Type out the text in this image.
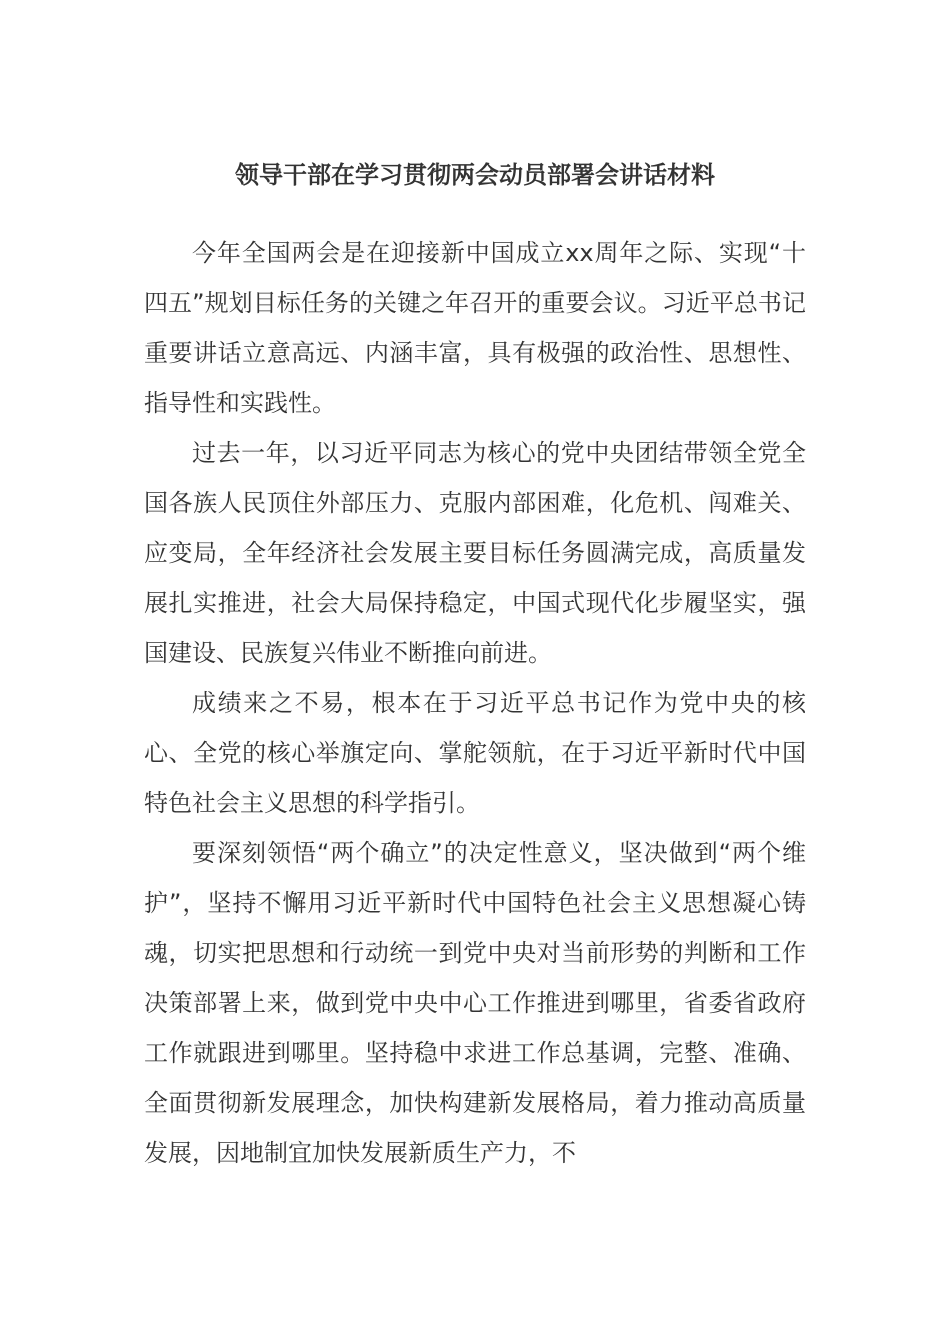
领导干部在学习贯彻两会动员部署会讲话材料

今年全国两会是在迎接新中国成立xx周年之际、实现“十四五”规划目标任务的关键之年召开的重要会议。习近平总书记重要讲话立意高远、内涵丰富，具有极强的政治性、思想性、指导性和实践性。

过去一年，以习近平同志为核心的党中央团结带领全党全国各族人民顶住外部压力、克服内部困难，化危机、闯难关、应变局，全年经济社会发展主要目标任务圆满完成，高质量发展扎实推进，社会大局保持稳定，中国式现代化步履坚实，强国建设、民族复兴伟业不断推向前进。

成绩来之不易，根本在于习近平总书记作为党中央的核心、全党的核心举旗定向、掌舵领航，在于习近平新时代中国特色社会主义思想的科学指引。

要深刻领悟“两个确立”的决定性意义，坚决做到“两个维护”，坚持不懈用习近平新时代中国特色社会主义思想凝心铸魂，切实把思想和行动统一到党中央对当前形势的判断和工作决策部署上来，做到党中央中心工作推进到哪里，省委省政府工作就跟进到哪里。坚持稳中求进工作总基调，完整、准确、全面贯彻新发展理念，加快构建新发展格局，着力推动高质量发展，因地制宜加快发展新质生产力，不
